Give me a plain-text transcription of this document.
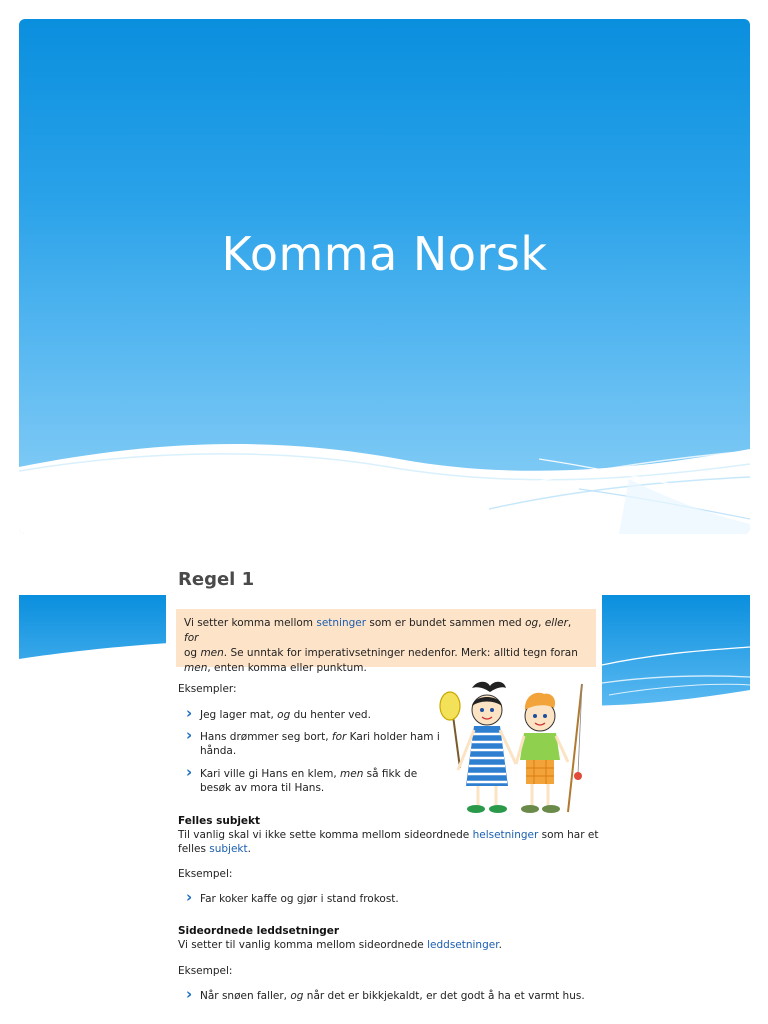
Komma Norsk
Regel 1
Vi setter komma mellom setninger som er bundet sammen med og, eller, for
og men. Se unntak for imperativsetninger nedenfor. Merk: alltid tegn foran
men, enten komma eller punktum.
Eksempler:
› Jeg lager mat, og du henter ved.
› Hans drømmer seg bort, for Kari holder ham i
hånda.
› Kari ville gi Hans en klem, men så fikk de
besøk av mora til Hans.
Felles subjekt
Til vanlig skal vi ikke sette komma mellom sideordnede helsetninger som har et
felles subjekt.
Eksempel:
› Far koker kaffe og gjør i stand frokost.
Sideordnede leddsetninger
Vi setter til vanlig komma mellom sideordnede leddsetninger.
Eksempel:
› Når snøen faller, og når det er bikkjekaldt, er det godt å ha et varmt hus.
